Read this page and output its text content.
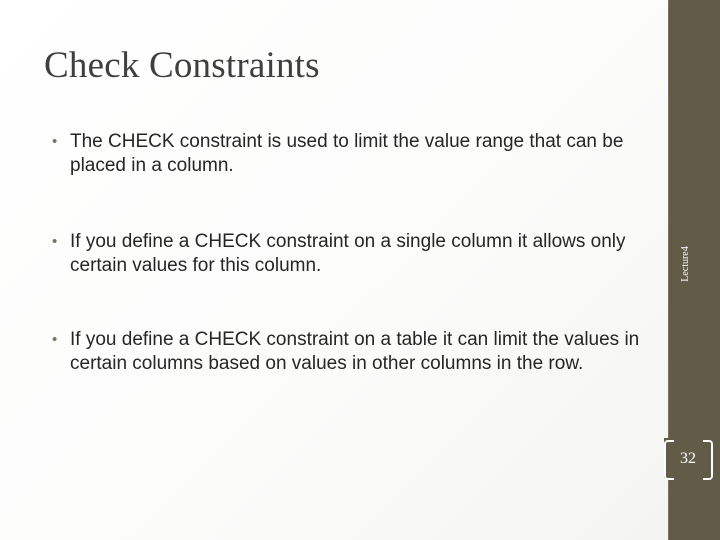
Check Constraints
• The CHECK constraint is used to limit the value range that can be placed in a column.
• If you define a CHECK constraint on a single column it allows only certain values for this column.
• If you define a CHECK constraint on a table it can limit the values in certain columns based on values in other columns in the row.
Lecture4
32
